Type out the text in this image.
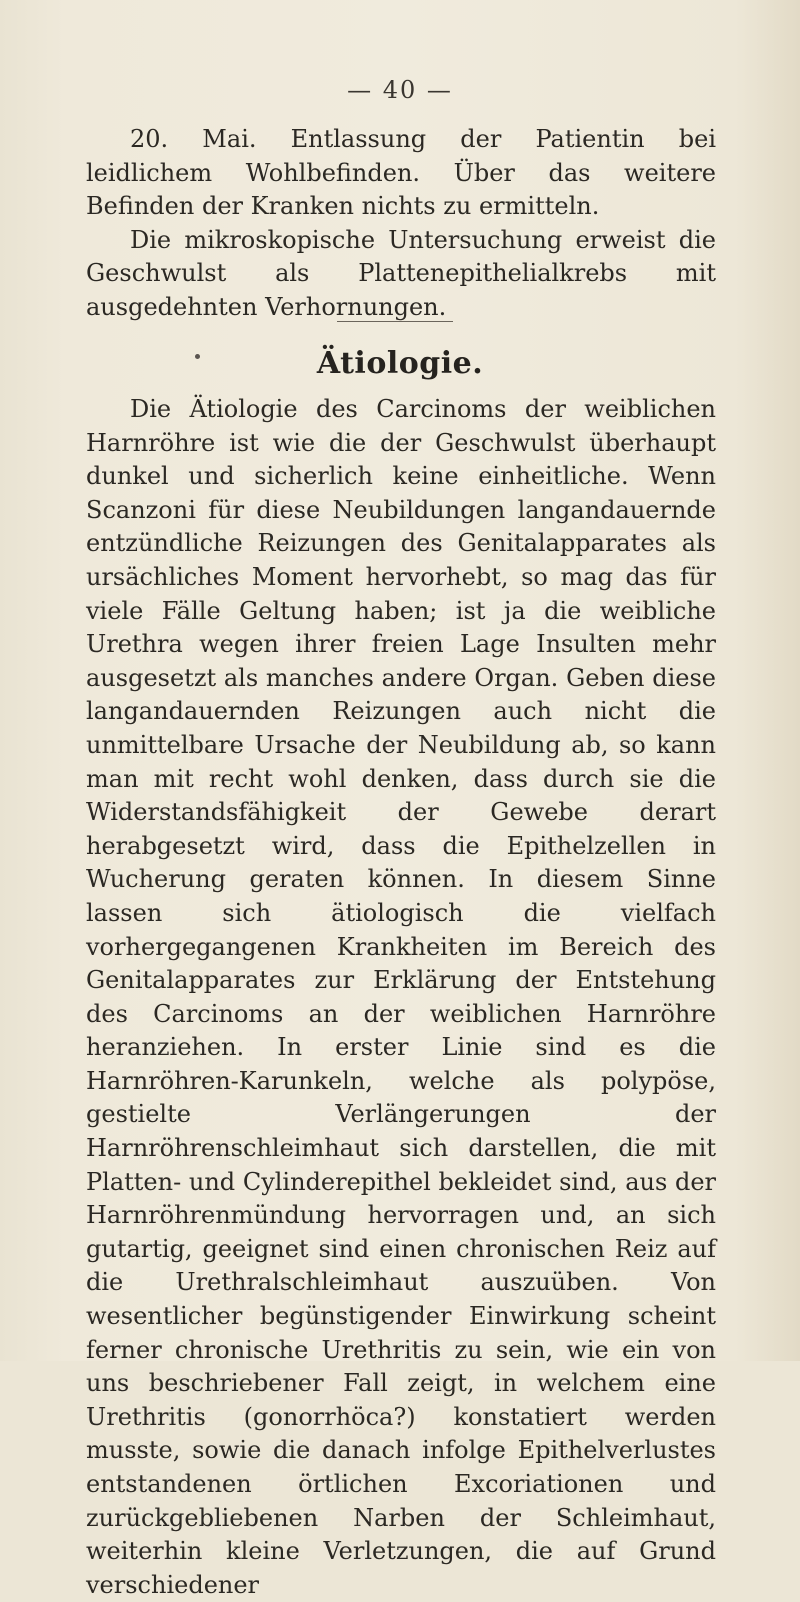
— 40 —

20. Mai. Entlassung der Patientin bei leidlichem Wohlbefinden. Über das weitere Befinden der Kranken nichts zu ermitteln.

Die mikroskopische Untersuchung erweist die Geschwulst als Plattenepithelialkrebs mit ausgedehnten Verhornungen.

Ätiologie.

Die Ätiologie des Carcinoms der weiblichen Harnröhre ist wie die der Geschwulst überhaupt dunkel und sicherlich keine einheitliche. Wenn Scanzoni für diese Neubildungen langandauernde entzündliche Reizungen des Genitalapparates als ursächliches Moment hervorhebt, so mag das für viele Fälle Geltung haben; ist ja die weibliche Urethra wegen ihrer freien Lage Insulten mehr ausgesetzt als manches andere Organ. Geben diese langandauernden Reizungen auch nicht die unmittelbare Ursache der Neubildung ab, so kann man mit recht wohl denken, dass durch sie die Widerstandsfähigkeit der Gewebe derart herabgesetzt wird, dass die Epithelzellen in Wucherung geraten können. In diesem Sinne lassen sich ätiologisch die vielfach vorhergegangenen Krankheiten im Bereich des Genitalapparates zur Erklärung der Entstehung des Carcinoms an der weiblichen Harnröhre heranziehen. In erster Linie sind es die Harnröhren-Karunkeln, welche als polypöse, gestielte Verlängerungen der Harnröhrenschleimhaut sich darstellen, die mit Platten- und Cylinderepithel bekleidet sind, aus der Harnröhrenmündung hervorragen und, an sich gutartig, geeignet sind einen chronischen Reiz auf die Urethralschleimhaut auszuüben. Von wesentlicher begünstigender Einwirkung scheint ferner chronische Urethritis zu sein, wie ein von uns beschriebener Fall zeigt, in welchem eine Urethritis (gonorrhöca?) konstatiert werden musste, sowie die danach infolge Epithelverlustes entstandenen örtlichen Excoriationen und zurückgebliebenen Narben der Schleimhaut, weiterhin kleine Verletzungen, die auf Grund verschiedener
